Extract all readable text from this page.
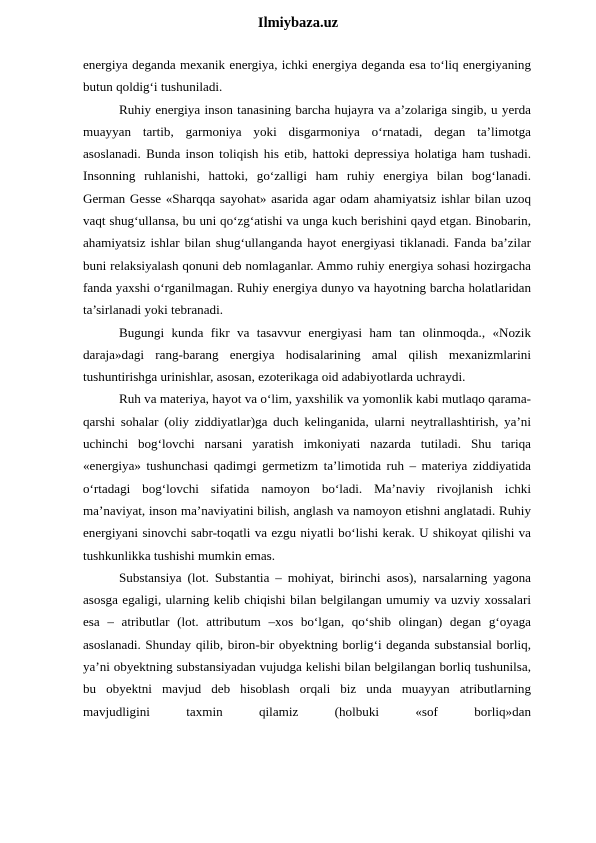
Ilmiybaza.uz

energiya deganda mexanik energiya, ichki energiya deganda esa to‘liq energiyaning butun qoldig‘i tushuniladi.

Ruhiy energiya inson tanasining barcha hujayra va a’zolariga singib, u yerda muayyan tartib, garmoniya yoki disgarmoniya o‘rnatadi, degan ta’limotga asoslanadi. Bunda inson toliqish his etib, hattoki depressiya holatiga ham tushadi. Insonning ruhlanishi, hattoki, go‘zalligi ham ruhiy energiya bilan bog‘lanadi. German Gesse «Sharqqa sayohat» asarida agar odam ahamiyatsiz ishlar bilan uzoq vaqt shug‘ullansa, bu uni qo‘zg‘atishi va unga kuch berishini qayd etgan. Binobarin, ahamiyatsiz ishlar bilan shug‘ullanganda hayot energiyasi tiklanadi. Fanda ba’zilar buni relaksiyalash qonuni deb nomlaganlar. Ammo ruhiy energiya sohasi hozirgacha fanda yaxshi o‘rganilmagan. Ruhiy energiya dunyo va hayotning barcha holatlaridan ta’sirlanadi yoki tebranadi.

Bugungi kunda fikr va tasavvur energiyasi ham tan olinmoqda., «Nozik daraja»dagi rang-barang energiya hodisalarining amal qilish mexanizmlarini tushuntirishga urinishlar, asosan, ezoterikaga oid adabiyotlarda uchraydi.

Ruh va materiya, hayot va o‘lim, yaxshilik va yomonlik kabi mutlaqo qarama-qarshi sohalar (oliy ziddiyatlar)ga duch kelinganida, ularni neytrallashtirish, ya’ni uchinchi bog‘lovchi narsani yaratish imkoniyati nazarda tutiladi. Shu tariqa «energiya» tushunchasi qadimgi germetizm ta’limotida ruh – materiya ziddiyatida o‘rtadagi bog‘lovchi sifatida namoyon bo‘ladi. Ma’naviy rivojlanish ichki ma’naviyat, inson ma’naviyatini bilish, anglash va namoyon etishni anglatadi. Ruhiy energiyani sinovchi sabr-toqatli va ezgu niyatli bo‘lishi kerak. U shikoyat qilishi va tushkunlikka tushishi mumkin emas.

Substansiya (lot. Substantia – mohiyat, birinchi asos), narsalarning yagona asosga egaligi, ularning kelib chiqishi bilan belgilangan umumiy va uzviy xossalari esa – atributlar (lot. attributum –xos bo‘lgan, qo‘shib olingan) degan g‘oyaga asoslanadi. Shunday qilib, biron-bir obyektning borlig‘i deganda substansial borliq, ya’ni obyektning substansiyadan vujudga kelishi bilan belgilangan borliq tushunilsa, bu obyektni mavjud deb hisoblash orqali biz unda muayyan atributlarning mavjudligini taxmin qilamiz (holbuki «sof borliq»dan
